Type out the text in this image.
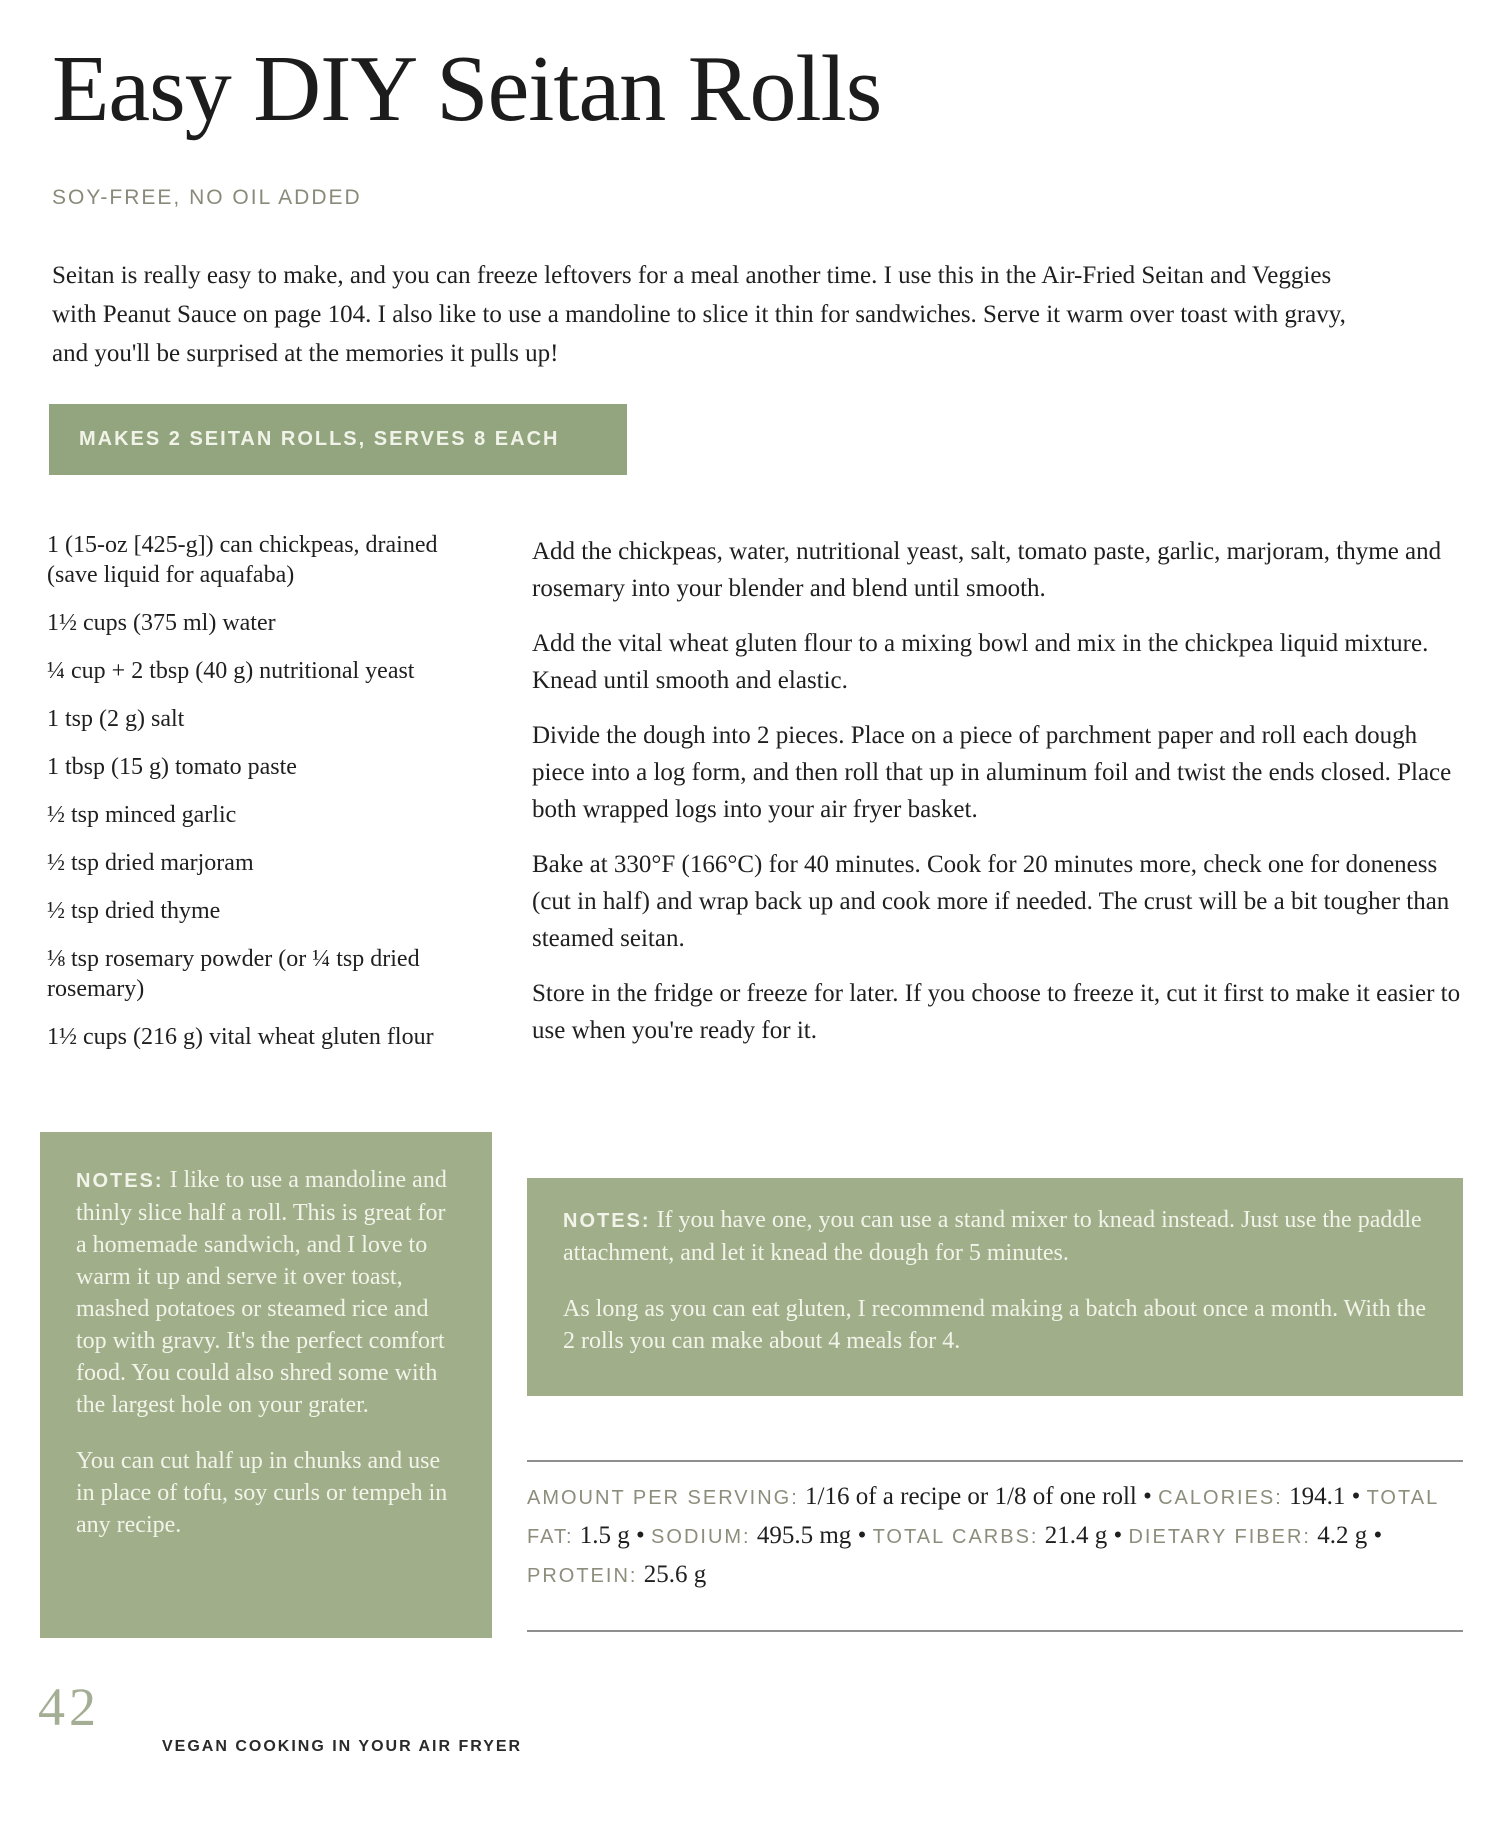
Easy DIY Seitan Rolls
SOY-FREE, NO OIL ADDED

Seitan is really easy to make, and you can freeze leftovers for a meal another time. I use this in the Air-Fried Seitan and Veggies with Peanut Sauce on page 104. I also like to use a mandoline to slice it thin for sandwiches. Serve it warm over toast with gravy, and you'll be surprised at the memories it pulls up!

MAKES 2 SEITAN ROLLS, SERVES 8 EACH
1 (15-oz [425-g]) can chickpeas, drained (save liquid for aquafaba)
1½ cups (375 ml) water
¼ cup + 2 tbsp (40 g) nutritional yeast
1 tsp (2 g) salt
1 tbsp (15 g) tomato paste
½ tsp minced garlic
½ tsp dried marjoram
½ tsp dried thyme
⅛ tsp rosemary powder (or ¼ tsp dried rosemary)
1½ cups (216 g) vital wheat gluten flour

Add the chickpeas, water, nutritional yeast, salt, tomato paste, garlic, marjoram, thyme and rosemary into your blender and blend until smooth.

Add the vital wheat gluten flour to a mixing bowl and mix in the chickpea liquid mixture. Knead until smooth and elastic.

Divide the dough into 2 pieces. Place on a piece of parchment paper and roll each dough piece into a log form, and then roll that up in aluminum foil and twist the ends closed. Place both wrapped logs into your air fryer basket.

Bake at 330°F (166°C) for 40 minutes. Cook for 20 minutes more, check one for doneness (cut in half) and wrap back up and cook more if needed. The crust will be a bit tougher than steamed seitan.

Store in the fridge or freeze for later. If you choose to freeze it, cut it first to make it easier to use when you're ready for it.

NOTES: I like to use a mandoline and thinly slice half a roll. This is great for a homemade sandwich, and I love to warm it up and serve it over toast, mashed potatoes or steamed rice and top with gravy. It's the perfect comfort food. You could also shred some with the largest hole on your grater.

You can cut half up in chunks and use in place of tofu, soy curls or tempeh in any recipe.

NOTES: If you have one, you can use a stand mixer to knead instead. Just use the paddle attachment, and let it knead the dough for 5 minutes.

As long as you can eat gluten, I recommend making a batch about once a month. With the 2 rolls you can make about 4 meals for 4.

AMOUNT PER SERVING: 1/16 of a recipe or 1/8 of one roll • CALORIES: 194.1 • TOTAL FAT: 1.5 g • SODIUM: 495.5 mg • TOTAL CARBS: 21.4 g • DIETARY FIBER: 4.2 g • PROTEIN: 25.6 g

42
VEGAN COOKING IN YOUR AIR FRYER
